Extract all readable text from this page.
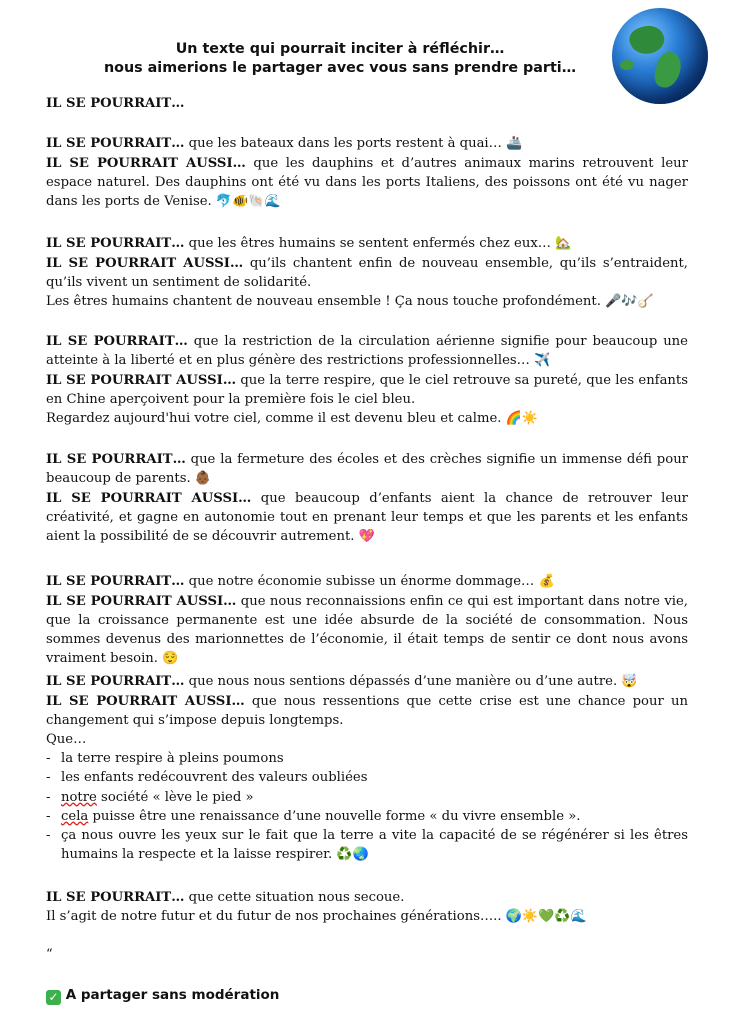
Un texte qui pourrait inciter à réfléchir…
nous aimerions le partager avec vous sans prendre parti…

IL SE POURRAIT…

IL SE POURRAIT… que les bateaux dans les ports restent à quai… 🚢

IL SE POURRAIT AUSSI… que les dauphins et d’autres animaux marins retrouvent leur espace naturel. Des dauphins ont été vu dans les ports Italiens, des poissons ont été vu nager dans les ports de Venise. 🐬🐠🐚🌊

IL SE POURRAIT… que les êtres humains se sentent enfermés chez eux… 🏡

IL SE POURRAIT AUSSI… qu’ils chantent enfin de nouveau ensemble, qu’ils s’entraident, qu’ils vivent un sentiment de solidarité.

Les êtres humains chantent de nouveau ensemble ! Ça nous touche profondément. 🎤🎶🪕

IL SE POURRAIT… que la restriction de la circulation aérienne signifie pour beaucoup une atteinte à la liberté et en plus génère des restrictions professionnelles… ✈️

IL SE POURRAIT AUSSI… que la terre respire, que le ciel retrouve sa pureté, que les enfants en Chine aperçoivent pour la première fois le ciel bleu.

Regardez aujourd'hui votre ciel, comme il est devenu bleu et calme. 🌈☀️

IL SE POURRAIT… que la fermeture des écoles et des crèches signifie un immense défi pour beaucoup de parents. 👶🏾

IL SE POURRAIT AUSSI… que beaucoup d’enfants aient la chance de retrouver leur créativité, et gagne en autonomie tout en prenant leur temps et que les parents et les enfants aient la possibilité de se découvrir autrement. 💖

IL SE POURRAIT… que notre économie subisse un énorme dommage… 💰

IL SE POURRAIT AUSSI… que nous reconnaissions enfin ce qui est important dans notre vie, que la croissance permanente est une idée absurde de la société de consommation. Nous sommes devenus des marionnettes de l’économie, il était temps de sentir ce dont nous avons vraiment besoin. 😌

IL SE POURRAIT… que nous nous sentions dépassés d’une manière ou d’une autre. 🤯

IL SE POURRAIT AUSSI… que nous ressentions que cette crise est une chance pour un changement qui s’impose depuis longtemps.

Que…

- la terre respire à pleins poumons
- les enfants redécouvrent des valeurs oubliées
- notre société « lève le pied »
- cela puisse être une renaissance d’une nouvelle forme « du vivre ensemble ».
- ça nous ouvre les yeux sur le fait que la terre a vite la capacité de se régénérer si les êtres humains la respecte et la laisse respirer. ♻️🌏

IL SE POURRAIT… que cette situation nous secoue.

Il s’agit de notre futur et du futur de nos prochaines générations….. 🌍☀️💚♻️🌊

“
✓ A partager sans modération
